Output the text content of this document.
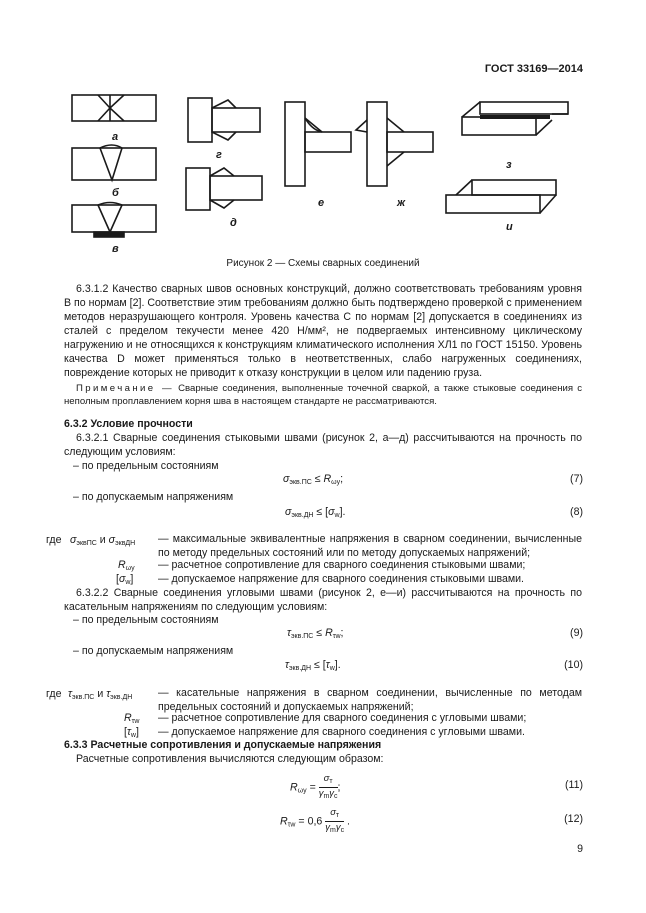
ГОСТ 33169—2014
а
б
в
г
д
е	ж
з
и
Рисунок 2 — Схемы сварных соединений
6.3.1.2 Качество сварных швов основных конструкций, должно соответствовать требованиям уровня В по нормам [2]. Соответствие этим требованиям должно быть подтверждено проверкой с применением методов неразрушающего контроля. Уровень качества С по нормам [2] допускается в соединениях из сталей с пределом текучести менее 420 Н/мм², не подвергаемых интенсивному циклическому нагружению и не относящихся к конструкциям климатического исполнения ХЛ1 по ГОСТ 15150. Уровень качества D может применяться только в неответственных, слабо нагруженных соединениях, повреждение которых не приводит к отказу конструкции в целом или падению груза.
Примечание — Сварные соединения, выполненные точечной сваркой, а также стыковые соединения с неполным проплавлением корня шва в настоящем стандарте не рассматриваются.
6.3.2 Условие прочности
6.3.2.1 Сварные соединения стыковыми швами (рисунок 2, а—д) рассчитываются на прочность по следующим условиям:
– по предельным состояниям
$\sigma_{экв.ПС} \le R_{\omega y}$;	(7)
– по допускаемым напряжениям
$\sigma_{экв.ДН} \le [\sigma_w]$.	(8)
где $\sigma_{эквПС}$ и $\sigma_{эквДН}$ — максимальные эквивалентные напряжения в сварном соединении, вычисленные по методу предельных состояний или по методу допускаемых напряжений;
$R_{\omega y}$ — расчетное сопротивление для сварного соединения стыковыми швами;
$[\sigma_w]$ — допускаемое напряжение для сварного соединения стыковыми швами.
6.3.2.2 Сварные соединения угловыми швами (рисунок 2, е—и) рассчитываются на прочность по касательным напряжениям по следующим условиям:
– по предельным состояниям
$\tau_{экв.ПС} \le R_{\tau w}$;	(9)
– по допускаемым напряжениям
$\tau_{экв.ДН} \le [\tau_w]$.	(10)
где $\tau_{экв.ПС}$ и $\tau_{экв.ДН}$ — касательные напряжения в сварном соединении, вычисленные по методам предельных состояний и допускаемых напряжений;
$R_{\tau w}$ — расчетное сопротивление для сварного соединения с угловыми швами;
$[\tau_w]$ — допускаемое напряжение для сварного соединения с угловыми швами.
6.3.3 Расчетные сопротивления и допускаемые напряжения
Расчетные сопротивления вычисляются следующим образом:
$R_{\omega y} = \frac{\sigma_т}{\gamma_m\gamma_c}$ ;	(11)
$R_{\tau w} = 0,6 \frac{\sigma_т}{\gamma_m\gamma_c}$ .	(12)
9
